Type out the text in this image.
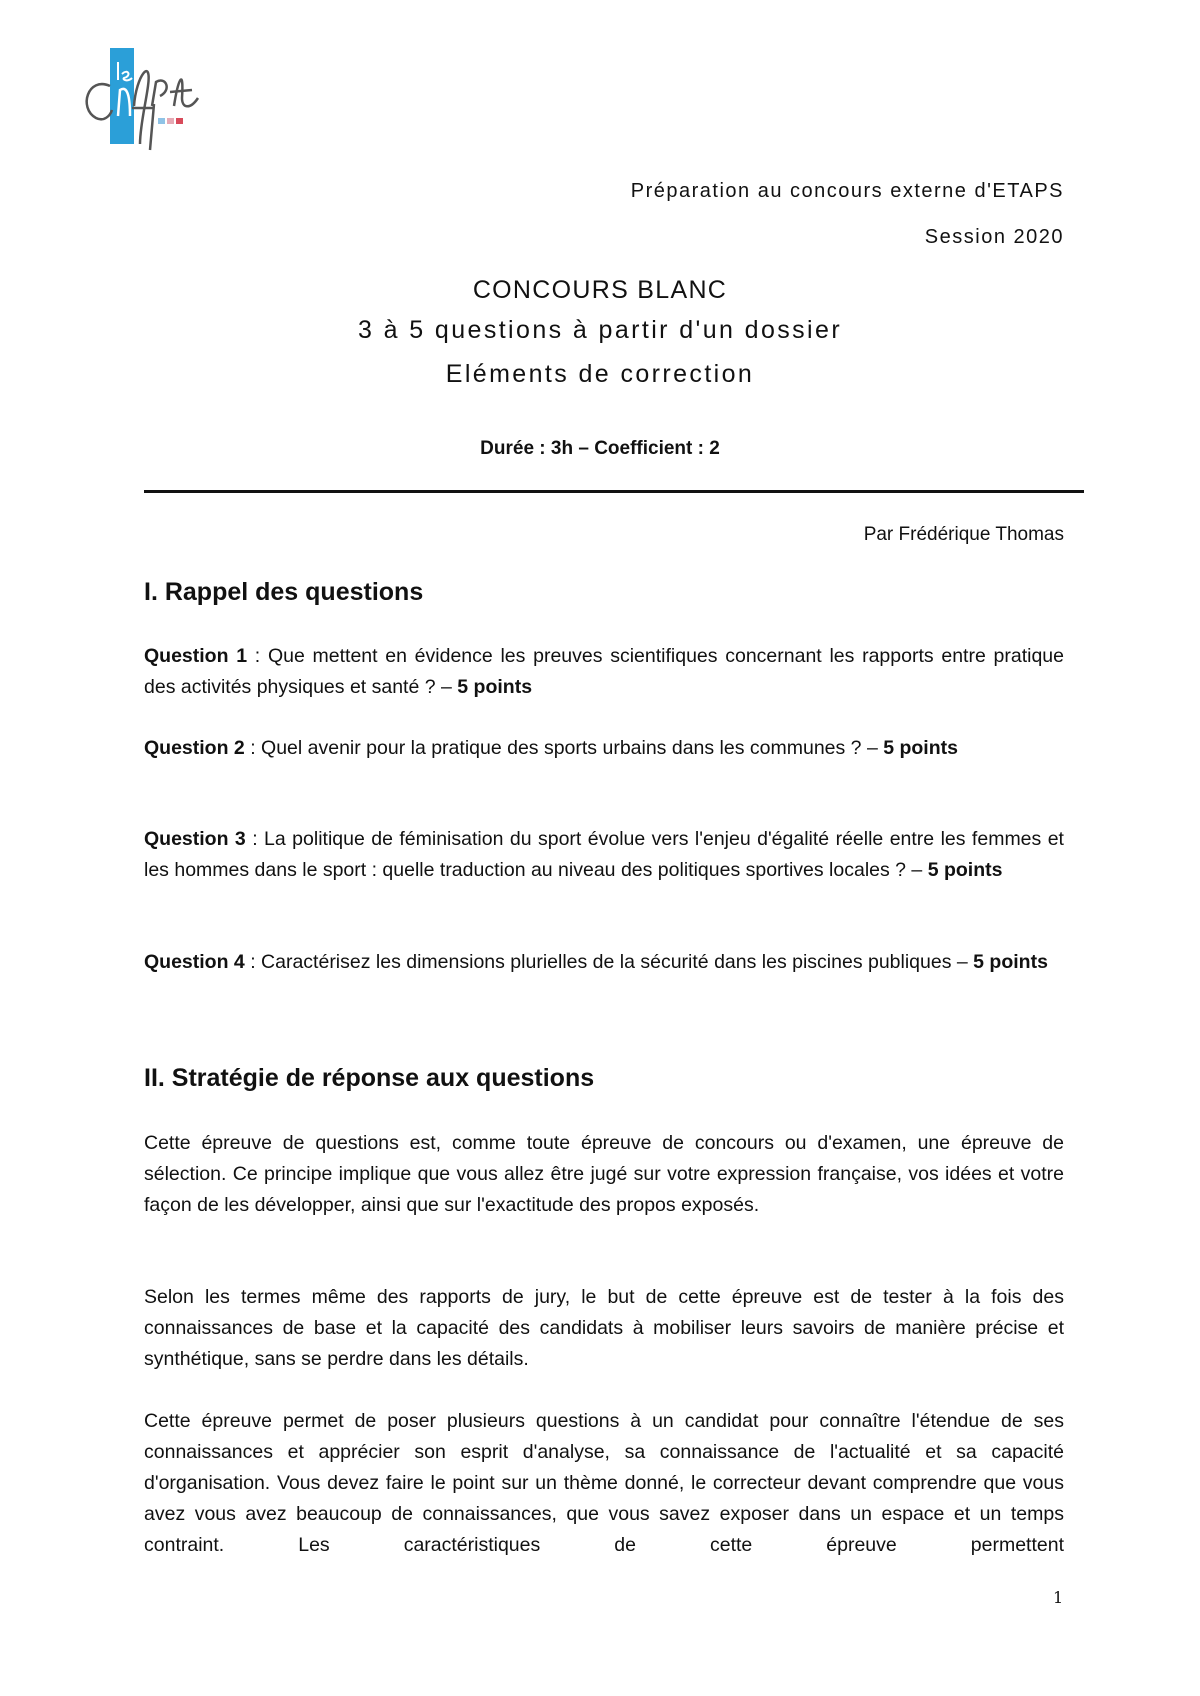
Préparation au concours externe d'ETAPS
Session 2020
CONCOURS BLANC
3 à 5 questions à partir d'un dossier
Eléments de correction
Durée : 3h – Coefficient : 2
Par Frédérique Thomas
I. Rappel des questions
Question 1 : Que mettent en évidence les preuves scientifiques concernant les rapports entre pratique des activités physiques et santé ? – 5 points
Question 2 : Quel avenir pour la pratique des sports urbains dans les communes ? – 5 points
Question 3 : La politique de féminisation du sport évolue vers l'enjeu d'égalité réelle entre les femmes et les hommes dans le sport : quelle traduction au niveau des politiques sportives locales ? – 5 points
Question 4 : Caractérisez les dimensions plurielles de la sécurité dans les piscines publiques – 5 points
II. Stratégie de réponse aux questions
Cette épreuve de questions est, comme toute épreuve de concours ou d'examen, une épreuve de sélection. Ce principe implique que vous allez être jugé sur votre expression française, vos idées et votre façon de les développer, ainsi que sur l'exactitude des propos exposés.
Selon les termes même des rapports de jury, le but de cette épreuve est de tester à la fois des connaissances de base et la capacité des candidats à mobiliser leurs savoirs de manière précise et synthétique, sans se perdre dans les détails.
Cette épreuve permet de poser plusieurs questions à un candidat pour connaître l'étendue de ses connaissances et apprécier son esprit d'analyse, sa connaissance de l'actualité et sa capacité d'organisation. Vous devez faire le point sur un thème donné, le correcteur devant comprendre que vous avez vous avez beaucoup de connaissances, que vous savez exposer dans un espace et un temps contraint. Les caractéristiques de cette épreuve permettent
1
